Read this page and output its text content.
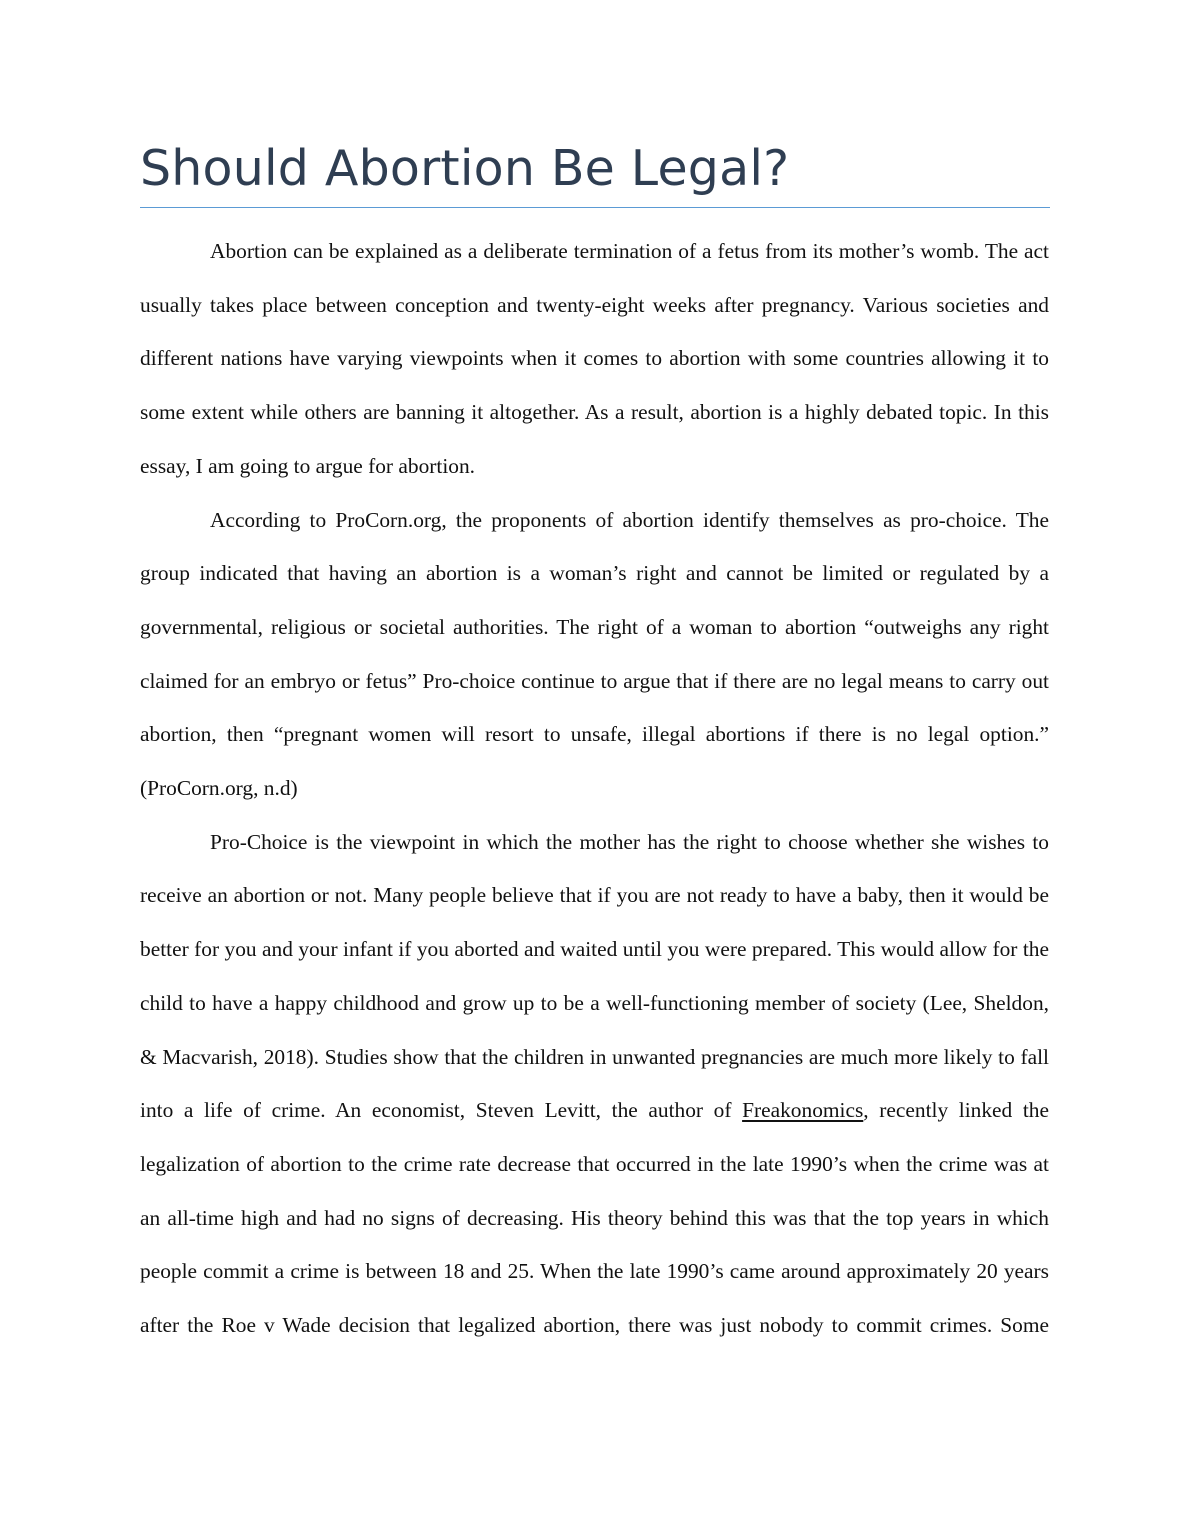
Should Abortion Be Legal?

Abortion can be explained as a deliberate termination of a fetus from its mother’s womb. The act usually takes place between conception and twenty-eight weeks after pregnancy. Various societies and different nations have varying viewpoints when it comes to abortion with some countries allowing it to some extent while others are banning it altogether. As a result, abortion is a highly debated topic. In this essay, I am going to argue for abortion.

According to ProCorn.org, the proponents of abortion identify themselves as pro-choice. The group indicated that having an abortion is a woman’s right and cannot be limited or regulated by a governmental, religious or societal authorities. The right of a woman to abortion “outweighs any right claimed for an embryo or fetus” Pro-choice continue to argue that if there are no legal means to carry out abortion, then “pregnant women will resort to unsafe, illegal abortions if there is no legal option.” (ProCorn.org, n.d)

Pro-Choice is the viewpoint in which the mother has the right to choose whether she wishes to receive an abortion or not. Many people believe that if you are not ready to have a baby, then it would be better for you and your infant if you aborted and waited until you were prepared. This would allow for the child to have a happy childhood and grow up to be a well-functioning member of society (Lee, Sheldon, & Macvarish, 2018). Studies show that the children in unwanted pregnancies are much more likely to fall into a life of crime. An economist, Steven Levitt, the author of Freakonomics, recently linked the legalization of abortion to the crime rate decrease that occurred in the late 1990’s when the crime was at an all-time high and had no signs of decreasing. His theory behind this was that the top years in which people commit a crime is between 18 and 25. When the late 1990’s came around approximately 20 years after the Roe v Wade decision that legalized abortion, there was just nobody to commit crimes. Some
